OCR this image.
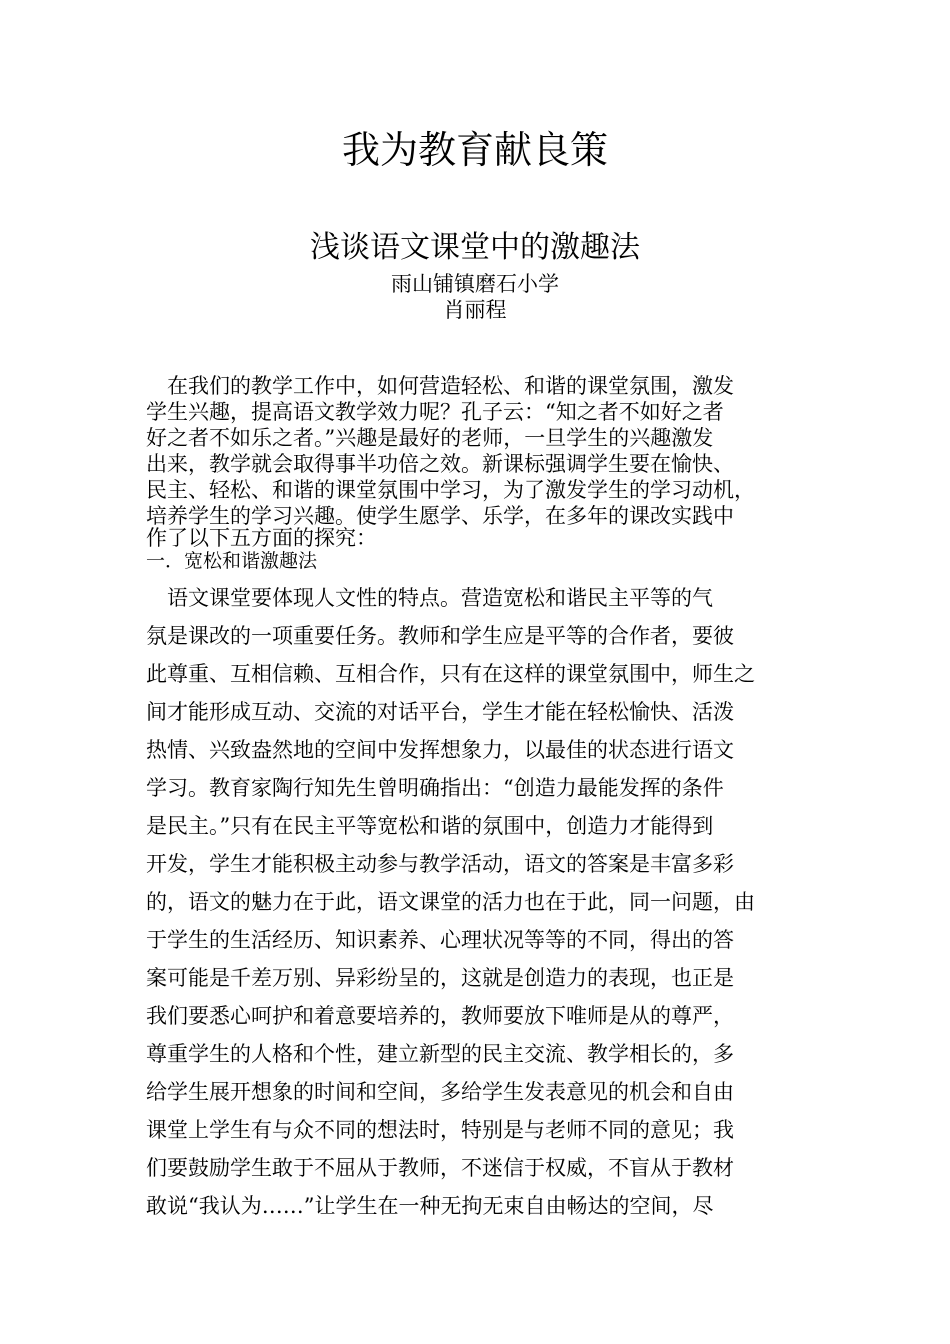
我为教育献良策
浅谈语文课堂中的激趣法
雨山铺镇磨石小学
肖丽程
　在我们的教学工作中，如何营造轻松、和谐的课堂氛围，激发
学生兴趣，提高语文教学效力呢？孔子云：“知之者不如好之者
好之者不如乐之者。”兴趣是最好的老师，一旦学生的兴趣激发
出来，教学就会取得事半功倍之效。新课标强调学生要在愉快、
民主、轻松、和谐的课堂氛围中学习，为了激发学生的学习动机，
培养学生的学习兴趣。使学生愿学、乐学，在多年的课改实践中
作了以下五方面的探究：
一．宽松和谐激趣法
　语文课堂要体现人文性的特点。营造宽松和谐民主平等的气
氛是课改的一项重要任务。教师和学生应是平等的合作者，要彼
此尊重、互相信赖、互相合作，只有在这样的课堂氛围中，师生之
间才能形成互动、交流的对话平台，学生才能在轻松愉快、活泼
热情、兴致盎然地的空间中发挥想象力，以最佳的状态进行语文
学习。教育家陶行知先生曾明确指出：“创造力最能发挥的条件
是民主。”只有在民主平等宽松和谐的氛围中，创造力才能得到
开发，学生才能积极主动参与教学活动，语文的答案是丰富多彩
的，语文的魅力在于此，语文课堂的活力也在于此，同一问题，由
于学生的生活经历、知识素养、心理状况等等的不同，得出的答
案可能是千差万别、异彩纷呈的，这就是创造力的表现，也正是
我们要悉心呵护和着意要培养的，教师要放下唯师是从的尊严，
尊重学生的人格和个性，建立新型的民主交流、教学相长的，多
给学生展开想象的时间和空间，多给学生发表意见的机会和自由
课堂上学生有与众不同的想法时，特别是与老师不同的意见；我
们要鼓励学生敢于不屈从于教师，不迷信于权威，不盲从于教材
敢说“我认为……”让学生在一种无拘无束自由畅达的空间，尽
